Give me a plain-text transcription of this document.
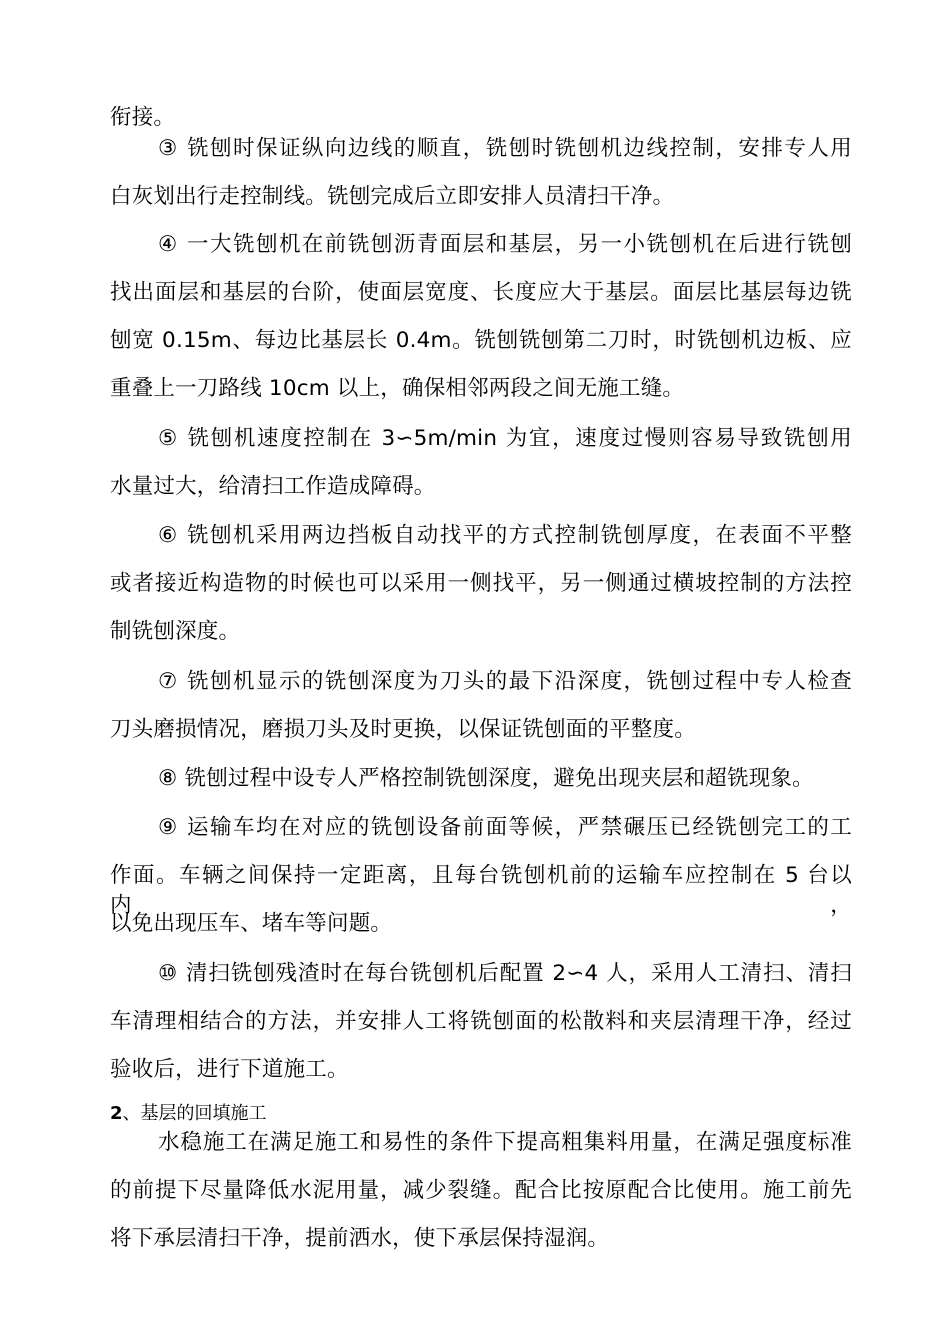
衔接。
③ 铣刨时保证纵向边线的顺直，铣刨时铣刨机边线控制，安排专人用
白灰划出行走控制线。铣刨完成后立即安排人员清扫干净。
④ 一大铣刨机在前铣刨沥青面层和基层，另一小铣刨机在后进行铣刨
找出面层和基层的台阶，使面层宽度、长度应大于基层。面层比基层每边铣
刨宽 0.15m、每边比基层长 0.4m。铣刨铣刨第二刀时，时铣刨机边板、应
重叠上一刀路线 10cm 以上，确保相邻两段之间无施工缝。
⑤ 铣刨机速度控制在 3∽5m/min 为宜，速度过慢则容易导致铣刨用
水量过大，给清扫工作造成障碍。
⑥ 铣刨机采用两边挡板自动找平的方式控制铣刨厚度，在表面不平整
或者接近构造物的时候也可以采用一侧找平，另一侧通过横坡控制的方法控
制铣刨深度。
⑦ 铣刨机显示的铣刨深度为刀头的最下沿深度，铣刨过程中专人检查
刀头磨损情况，磨损刀头及时更换，以保证铣刨面的平整度。
⑧ 铣刨过程中设专人严格控制铣刨深度，避免出现夹层和超铣现象。
⑨ 运输车均在对应的铣刨设备前面等候，严禁碾压已经铣刨完工的工
作面。车辆之间保持一定距离，且每台铣刨机前的运输车应控制在 5 台以内，
以免出现压车、堵车等问题。
⑩ 清扫铣刨残渣时在每台铣刨机后配置 2∽4 人，采用人工清扫、清扫
车清理相结合的方法，并安排人工将铣刨面的松散料和夹层清理干净，经过
验收后，进行下道施工。
2、基层的回填施工
水稳施工在满足施工和易性的条件下提高粗集料用量，在满足强度标准
的前提下尽量降低水泥用量，减少裂缝。配合比按原配合比使用。施工前先
将下承层清扫干净，提前洒水，使下承层保持湿润。
